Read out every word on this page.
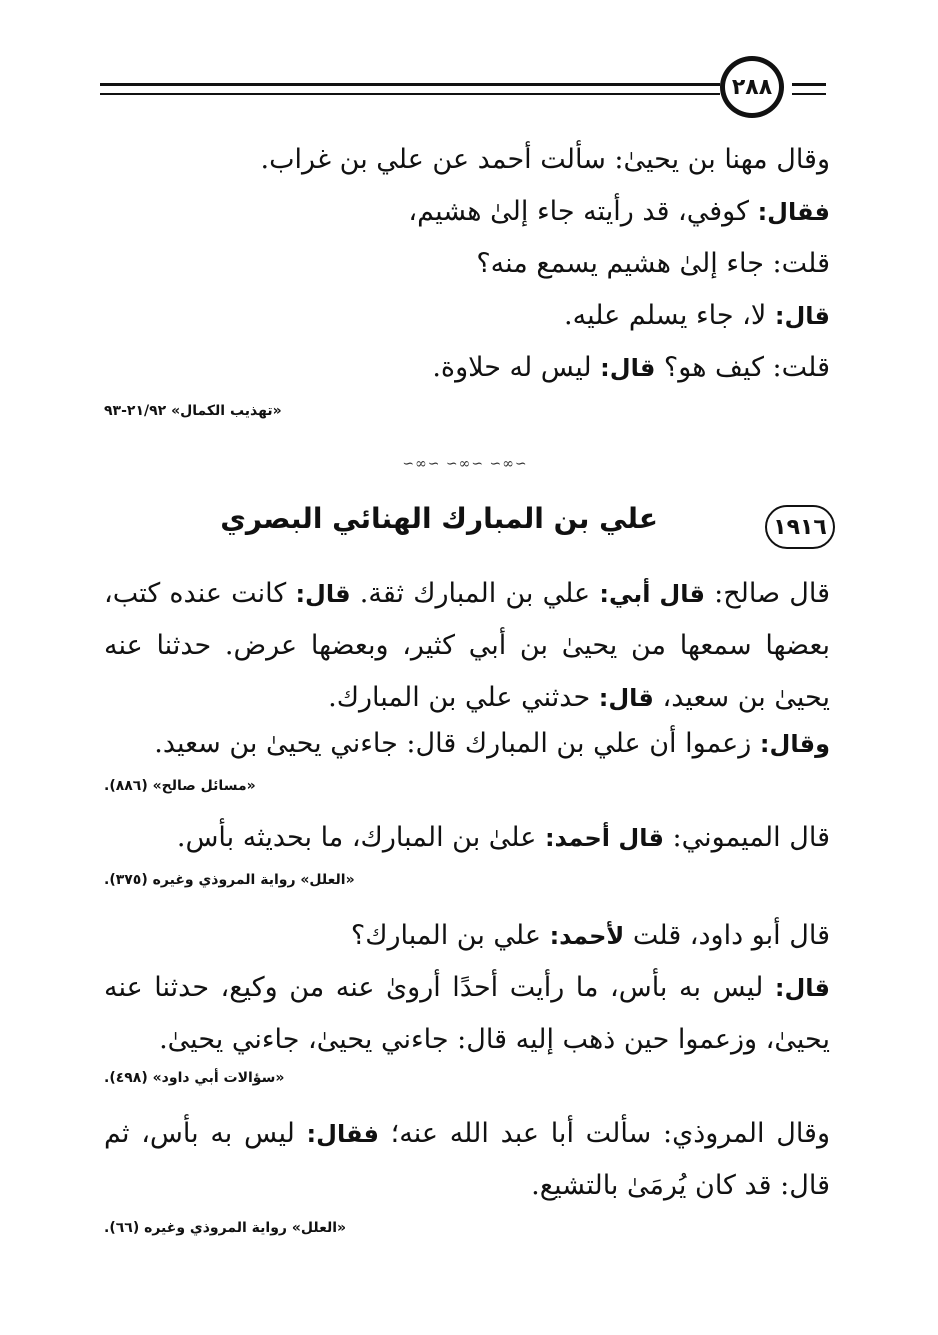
٢٨٨
وقال مهنا بن يحيىٰ: سألت أحمد عن علي بن غراب.
فقال: كوفي، قد رأيته جاء إلىٰ هشيم،
قلت: جاء إلىٰ هشيم يسمع منه؟
قال: لا، جاء يسلم عليه.
قلت: كيف هو؟ قال: ليس له حلاوة.
«تهذيب الكمال» ٢١/٩٢-٩٣
∽∞∽ ∽∞∽ ∽∞∽
١٩١٦
علي بن المبارك الهنائي البصري
قال صالح: قال أبي: علي بن المبارك ثقة. قال: كانت عنده كتب، بعضها سمعها من يحيىٰ بن أبي كثير، وبعضها عرض. حدثنا عنه يحيىٰ بن سعيد، قال: حدثني علي بن المبارك.
وقال: زعموا أن علي بن المبارك قال: جاءني يحيىٰ بن سعيد.
«مسائل صالح» (٨٨٦).
قال الميموني: قال أحمد: علىٰ بن المبارك، ما بحديثه بأس.
«العلل» رواية المروذي وغيره (٣٧٥).
قال أبو داود، قلت لأحمد: علي بن المبارك؟
قال: ليس به بأس، ما رأيت أحدًا أروىٰ عنه من وكيع، حدثنا عنه يحيىٰ، وزعموا حين ذهب إليه قال: جاءني يحيىٰ، جاءني يحيىٰ.
«سؤالات أبي داود» (٤٩٨).
وقال المروذي: سألت أبا عبد الله عنه؛ فقال: ليس به بأس، ثم قال: قد كان يُرمَىٰ بالتشيع.
«العلل» رواية المروذي وغيره (٦٦).
